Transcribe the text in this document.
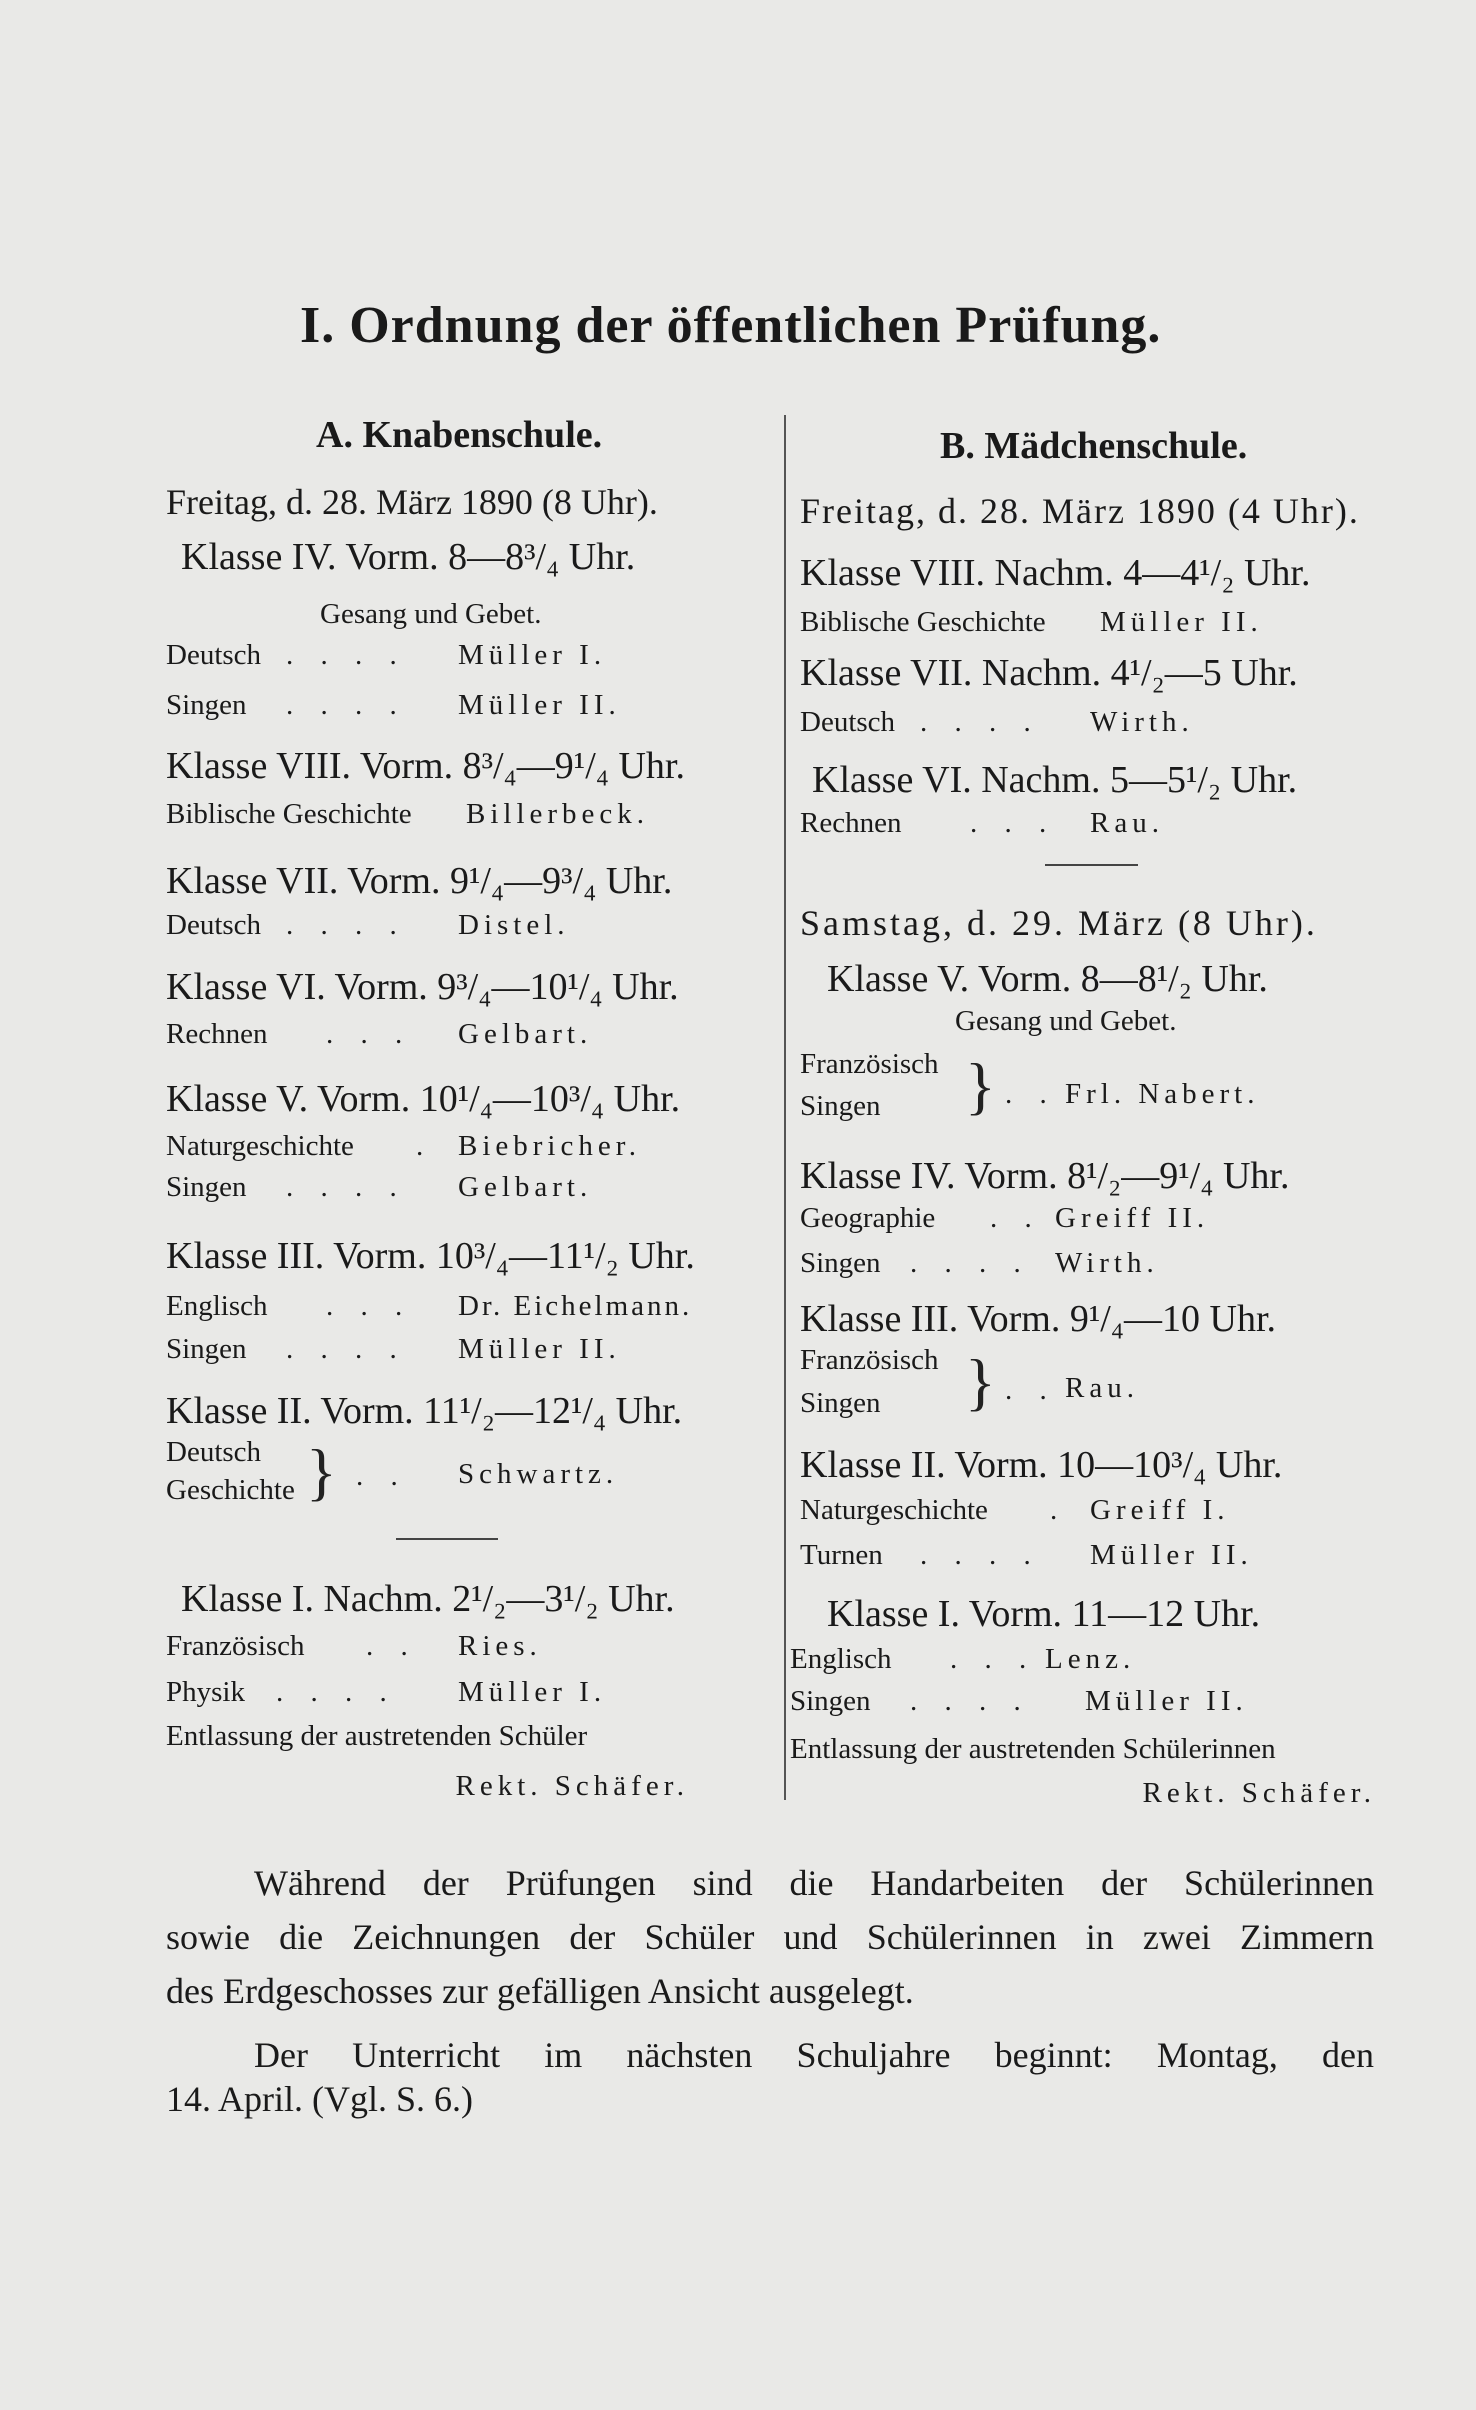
I. Ordnung der öffentlichen Prüfung.
A. Knabenschule.
Freitag, d. 28. März 1890 (8 Uhr).
Klasse IV. Vorm. 8—8³/₄ Uhr.
Gesang und Gebet.
Deutsch . . . . Müller I.
Singen . . . . Müller II.
Klasse VIII. Vorm. 8³/₄—9¹/₄ Uhr.
Biblische Geschichte Billerbeck.
Klasse VII. Vorm. 9¹/₄—9³/₄ Uhr.
Deutsch . . . . Distel.
Klasse VI. Vorm. 9³/₄—10¹/₄ Uhr.
Rechnen . . . Gelbart.
Klasse V. Vorm. 10¹/₄—10³/₄ Uhr.
Naturgeschichte . Biebricher.
Singen . . . . Gelbart.
Klasse III. Vorm. 10³/₄—11¹/₂ Uhr.
Englisch . . . Dr. Eichelmann.
Singen . . . . Müller II.
Klasse II. Vorm. 11¹/₂—12¹/₄ Uhr.
Deutsch
Geschichte } . . Schwartz.
Klasse I. Nachm. 2¹/₂—3¹/₂ Uhr.
Französisch . . Ries.
Physik . . . . Müller I.
Entlassung der austretenden Schüler
Rekt. Schäfer.
B. Mädchenschule.
Freitag, d. 28. März 1890 (4 Uhr).
Klasse VIII. Nachm. 4—4¹/₂ Uhr.
Biblische Geschichte Müller II.
Klasse VII. Nachm. 4¹/₂—5 Uhr.
Deutsch . . . . Wirth.
Klasse VI. Nachm. 5—5¹/₂ Uhr.
Rechnen . . . Rau.
Samstag, d. 29. März (8 Uhr).
Klasse V. Vorm. 8—8¹/₂ Uhr.
Gesang und Gebet.
Französisch
Singen } . . Frl. Nabert.
Klasse IV. Vorm. 8¹/₂—9¹/₄ Uhr.
Geographie . . Greiff II.
Singen . . . . Wirth.
Klasse III. Vorm. 9¹/₄—10 Uhr.
Französisch
Singen } . . Rau.
Klasse II. Vorm. 10—10³/₄ Uhr.
Naturgeschichte . Greiff I.
Turnen . . . . Müller II.
Klasse I. Vorm. 11—12 Uhr.
Englisch . . . Lenz.
Singen . . . . Müller II.
Entlassung der austretenden Schülerinnen
Rekt. Schäfer.
Während der Prüfungen sind die Handarbeiten der Schülerinnen
sowie die Zeichnungen der Schüler und Schülerinnen in zwei Zimmern
des Erdgeschosses zur gefälligen Ansicht ausgelegt.
Der Unterricht im nächsten Schuljahre beginnt: Montag, den
14. April. (Vgl. S. 6.)
